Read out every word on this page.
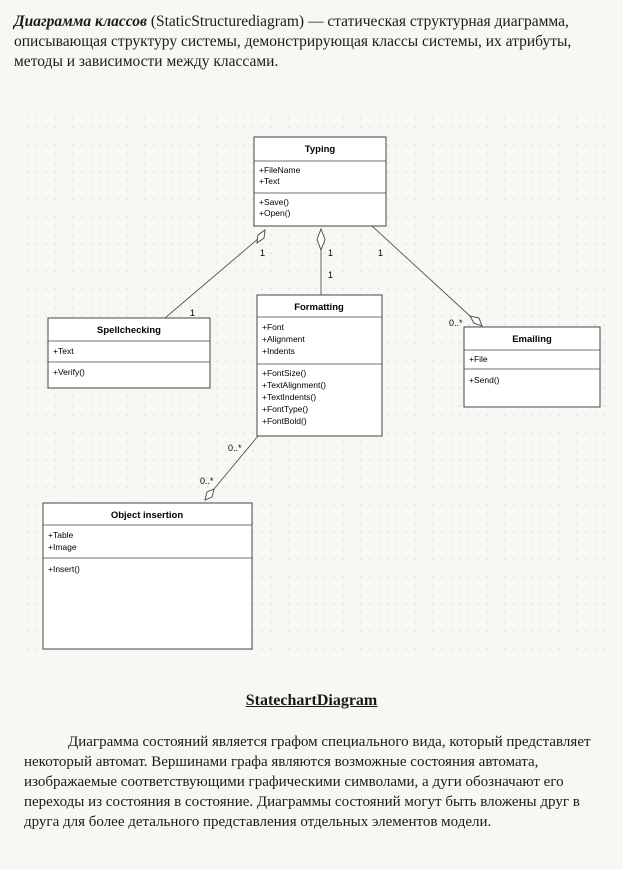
Диаграмма классов (StaticStructurediagram) — статическая структурная диаграмма, описывающая структуру системы, демонстрирующая классы системы, их атрибуты, методы и зависимости между классами.
1
1
1
1
1
0..*
0..*
0..*
Typing
+FileName
+Text
+Save()
+Open()
Spellchecking
+Text
+Verify()
Formatting
+Font
+Alignment
+Indents
+FontSize()
+TextAlignment()
+TextIndents()
+FontType()
+FontBold()
Emailing
+File
+Send()
Object insertion
+Table
+Image
+Insert()
StatechartDiagram
Диаграмма состояний является графом специального вида, который представляет некоторый автомат. Вершинами графа являются возможные состояния автомата, изображаемые соответствующими графическими символами, а дуги обозначают его переходы из состояния в состояние. Диаграммы состояний могут быть вложены друг в друга для более детального представления отдельных элементов модели.
